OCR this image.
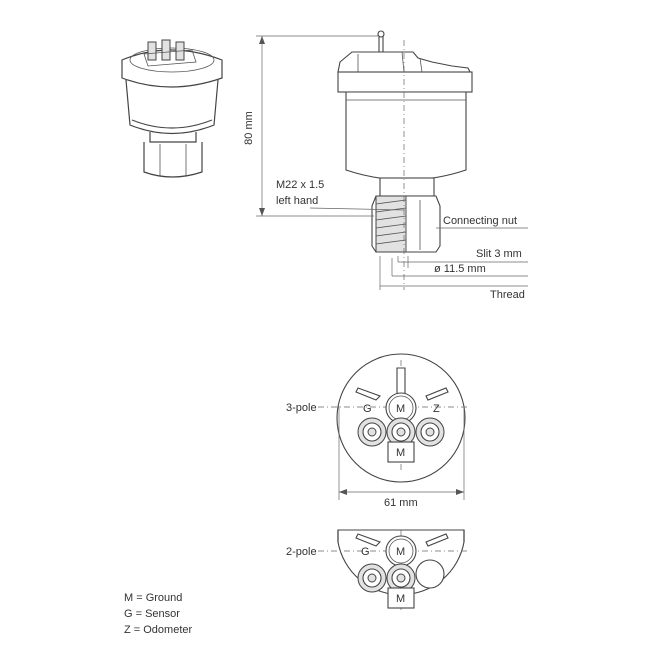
80 mm
M22 x 1.5
left hand
Connecting nut
Slit 3 mm
ø 11.5 mm
Thread
61 mm
3-pole
2-pole
G M	Z
M
G M
M
M = Ground
G = Sensor
Z = Odometer
